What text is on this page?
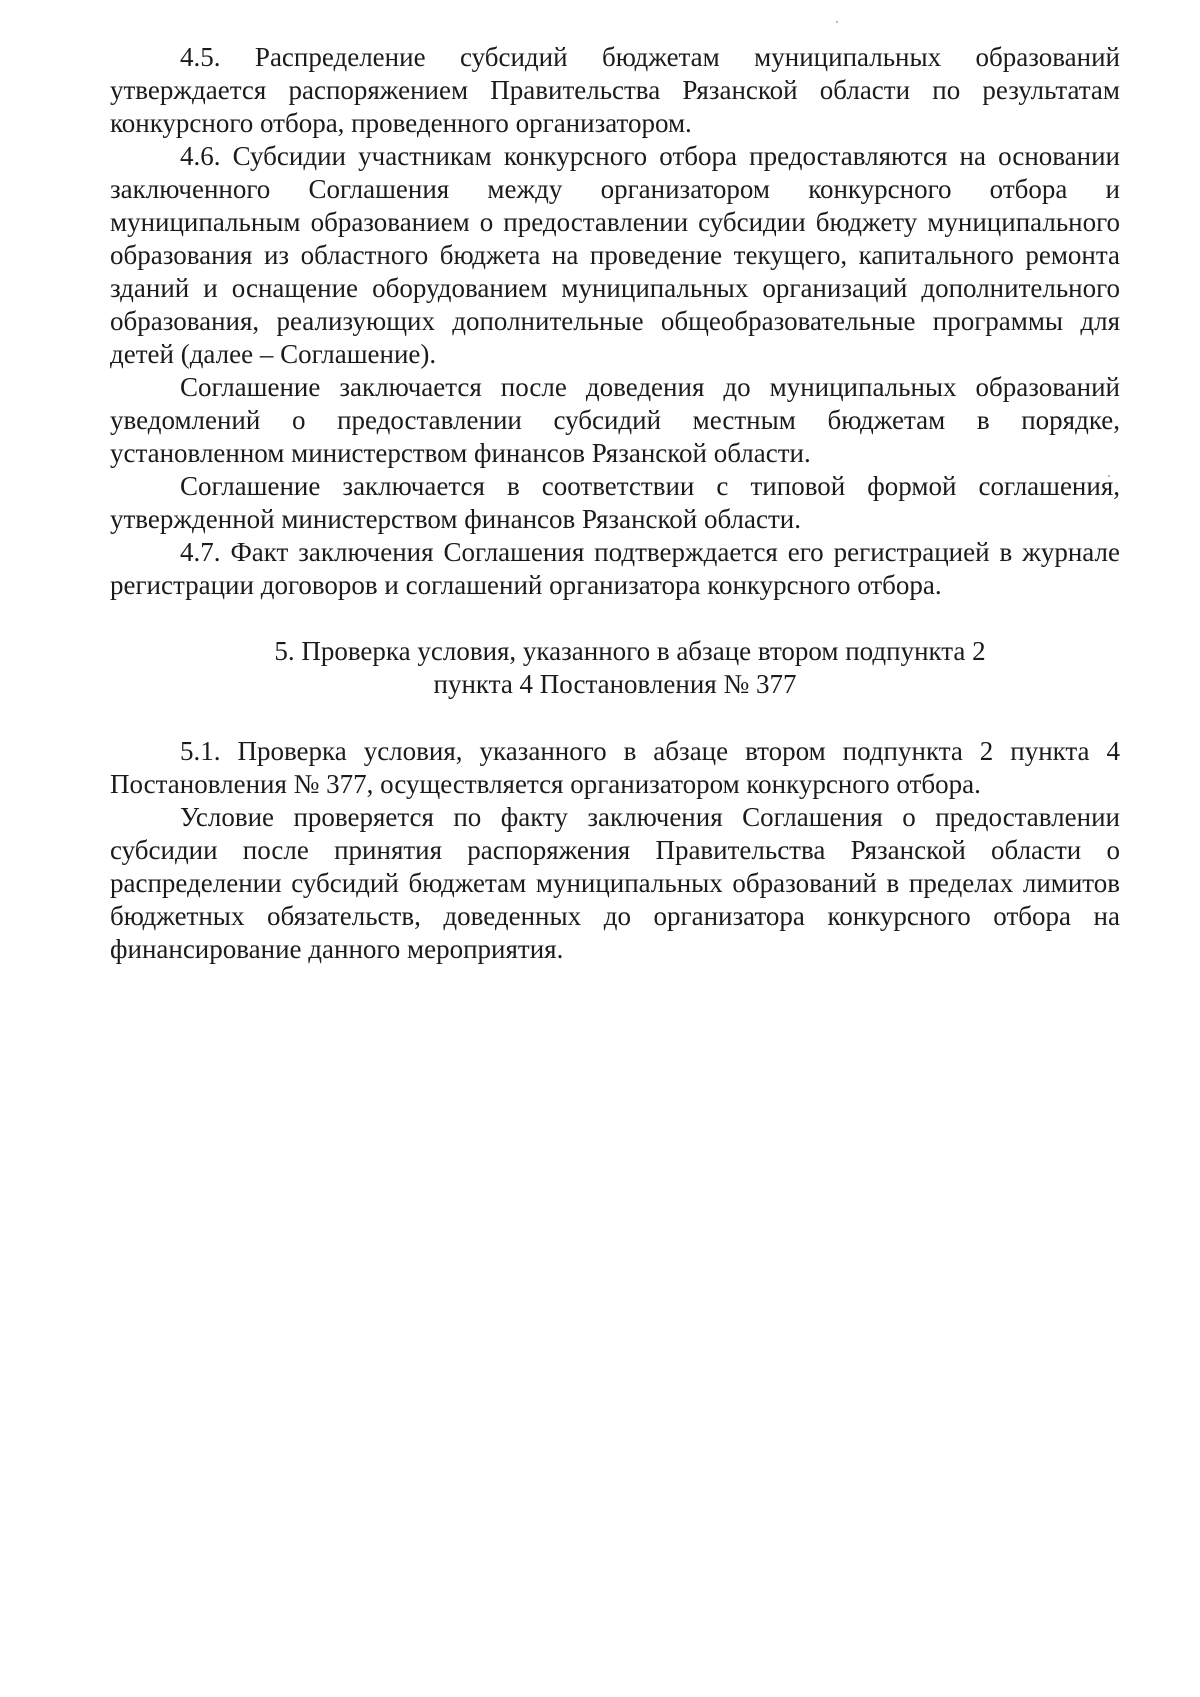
4.5. Распределение субсидий бюджетам муниципальных образований утверждается распоряжением Правительства Рязанской области по результатам конкурсного отбора, проведенного организатором.

4.6. Субсидии участникам конкурсного отбора предоставляются на основании заключенного Соглашения между организатором конкурсного отбора и муниципальным образованием о предоставлении субсидии бюджету муниципального образования из областного бюджета на проведение текущего, капитального ремонта зданий и оснащение оборудованием муниципальных организаций дополнительного образования, реализующих дополнительные общеобразовательные программы для детей (далее – Соглашение).

Соглашение заключается после доведения до муниципальных образований уведомлений о предоставлении субсидий местным бюджетам в порядке, установленном министерством финансов Рязанской области.

Соглашение заключается в соответствии с типовой формой соглашения, утвержденной министерством финансов Рязанской области.

4.7. Факт заключения Соглашения подтверждается его регистрацией в журнале регистрации договоров и соглашений организатора конкурсного отбора.

5. Проверка условия, указанного в абзаце втором подпункта 2
пункта 4 Постановления № 377

5.1. Проверка условия, указанного в абзаце втором подпункта 2 пункта 4 Постановления № 377, осуществляется организатором конкурсного отбора.

Условие проверяется по факту заключения Соглашения о предоставлении субсидии после принятия распоряжения Правительства Рязанской области о распределении субсидий бюджетам муниципальных образований в пределах лимитов бюджетных обязательств, доведенных до организатора конкурсного отбора на финансирование данного мероприятия.
